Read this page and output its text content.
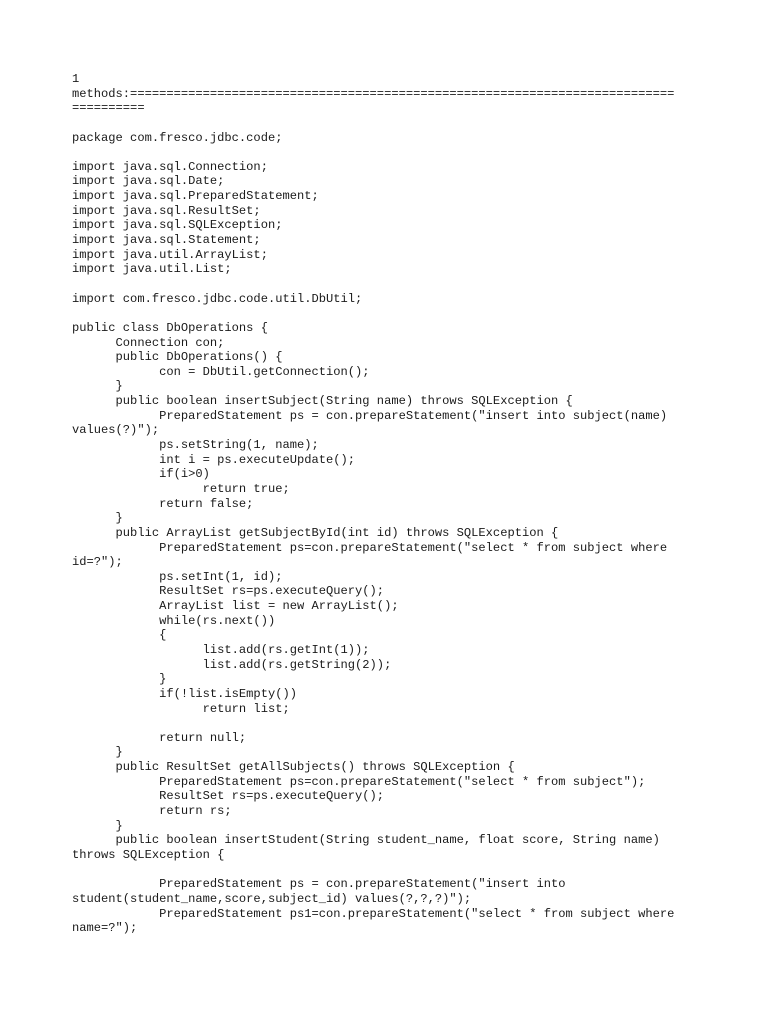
1
methods:===========================================================================
==========
package com.fresco.jdbc.code;
import java.sql.Connection;
import java.sql.Date;
import java.sql.PreparedStatement;
import java.sql.ResultSet;
import java.sql.SQLException;
import java.sql.Statement;
import java.util.ArrayList;
import java.util.List;
import com.fresco.jdbc.code.util.DbUtil;
public class DbOperations {
Connection con;
public DbOperations() {
con = DbUtil.getConnection();
}
public boolean insertSubject(String name) throws SQLException {
PreparedStatement ps = con.prepareStatement("insert into subject(name)
values(?)");
ps.setString(1, name);
int i = ps.executeUpdate();
if(i>0)
return true;
return false;
}
public ArrayList getSubjectById(int id) throws SQLException {
PreparedStatement ps=con.prepareStatement("select * from subject where
id=?");
ps.setInt(1, id);
ResultSet rs=ps.executeQuery();
ArrayList list = new ArrayList();
while(rs.next())
{
list.add(rs.getInt(1));
list.add(rs.getString(2));
}
if(!list.isEmpty())
return list;
return null;
}
public ResultSet getAllSubjects() throws SQLException {
PreparedStatement ps=con.prepareStatement("select * from subject");
ResultSet rs=ps.executeQuery();
return rs;
}
public boolean insertStudent(String student_name, float score, String name)
throws SQLException {
PreparedStatement ps = con.prepareStatement("insert into
student(student_name,score,subject_id) values(?,?,?)");
PreparedStatement ps1=con.prepareStatement("select * from subject where
name=?");
